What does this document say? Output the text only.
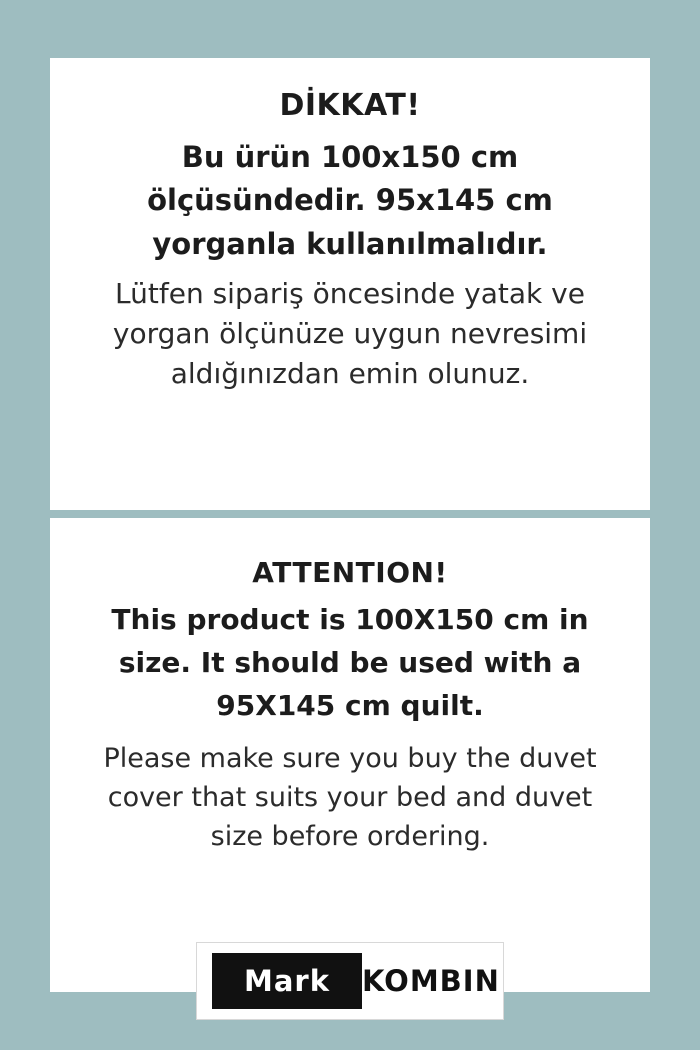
DİKKAT!
Bu ürün 100x150 cm
ölçüsündedir. 95x145 cm
yorganla kullanılmalıdır.

Lütfen sipariş öncesinde yatak ve yorgan ölçünüze uygun nevresimi aldığınızdan emin olunuz.

ATTENTION!
This product is 100X150 cm in
size. It should be used with a
95X145 cm quilt.

Please make sure you buy the duvet cover that suits your bed and duvet size before ordering.

Mark	KOMBIN
